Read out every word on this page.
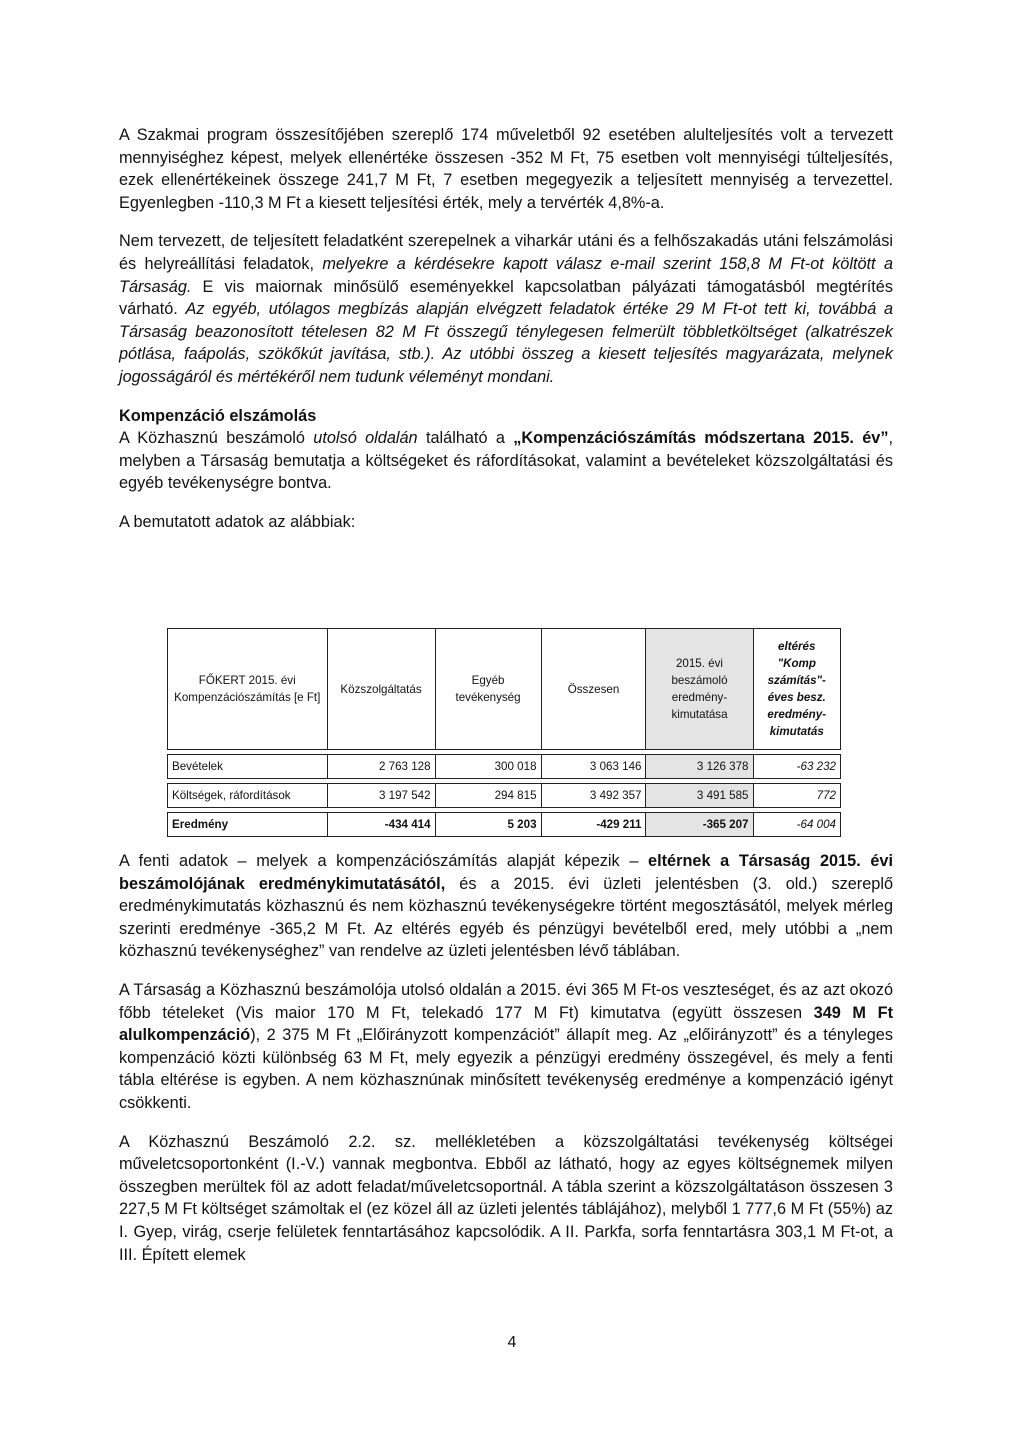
A Szakmai program összesítőjében szereplő 174 műveletből 92 esetében alulteljesítés volt a tervezett mennyiséghez képest, melyek ellenértéke összesen -352 M Ft, 75 esetben volt mennyiségi túlteljesítés, ezek ellenértékeinek összege 241,7 M Ft, 7 esetben megegyezik a teljesített mennyiség a tervezettel. Egyenlegben -110,3 M Ft a kiesett teljesítési érték, mely a tervérték 4,8%-a.

Nem tervezett, de teljesített feladatként szerepelnek a viharkár utáni és a felhőszakadás utáni felszámolási és helyreállítási feladatok, melyekre a kérdésekre kapott válasz e-mail szerint 158,8 M Ft-ot költött a Társaság. E vis maiornak minősülő eseményekkel kapcsolatban pályázati támogatásból megtérítés várható. Az egyéb, utólagos megbízás alapján elvégzett feladatok értéke 29 M Ft-ot tett ki, továbbá a Társaság beazonosított tételesen 82 M Ft összegű ténylegesen felmerült többletköltséget (alkatrészek pótlása, faápolás, szökőkút javítása, stb.). Az utóbbi összeg a kiesett teljesítés magyarázata, melynek jogosságáról és mértékéről nem tudunk véleményt mondani.

Kompenzáció elszámolás

A Közhasznú beszámoló utolsó oldalán található a „Kompenzációszámítás módszertana 2015. év”, melyben a Társaság bemutatja a költségeket és ráfordításokat, valamint a bevételeket közszolgáltatási és egyéb tevékenységre bontva.

A bemutatott adatok az alábbiak:

FŐKERT 2015. évi Kompenzációszámítás [e Ft]	Közszolgáltatás	Egyéb tevékenység	Összesen	2015. évi beszámoló eredmény-kimutatása	eltérés "Komp számítás"-éves besz. eredmény-kimutatás

Bevételek	2 763 128	300 018	3 063 146	3 126 378	-63 232

Költségek, ráfordítások	3 197 542	294 815	3 492 357	3 491 585	772

Eredmény	-434 414	5 203	-429 211	-365 207	-64 004

A fenti adatok – melyek a kompenzációszámítás alapját képezik – eltérnek a Társaság 2015. évi beszámolójának eredménykimutatásától, és a 2015. évi üzleti jelentésben (3. old.) szereplő eredménykimutatás közhasznú és nem közhasznú tevékenységekre történt megosztásától, melyek mérleg szerinti eredménye -365,2 M Ft. Az eltérés egyéb és pénzügyi bevételből ered, mely utóbbi a „nem közhasznú tevékenységhez” van rendelve az üzleti jelentésben lévő táblában.

A Társaság a Közhasznú beszámolója utolsó oldalán a 2015. évi 365 M Ft-os veszteséget, és az azt okozó főbb tételeket (Vis maior 170 M Ft, telekadó 177 M Ft) kimutatva (együtt összesen 349 M Ft alulkompenzáció), 2 375 M Ft „Előirányzott kompenzációt” állapít meg. Az „előirányzott” és a tényleges kompenzáció közti különbség 63 M Ft, mely egyezik a pénzügyi eredmény összegével, és mely a fenti tábla eltérése is egyben. A nem közhasznúnak minősített tevékenység eredménye a kompenzáció igényt csökkenti.

A Közhasznú Beszámoló 2.2. sz. mellékletében a közszolgáltatási tevékenység költségei műveletcsoportonként (I.-V.) vannak megbontva. Ebből az látható, hogy az egyes költségnemek milyen összegben merültek föl az adott feladat/műveletcsoportnál. A tábla szerint a közszolgáltatáson összesen 3 227,5 M Ft költséget számoltak el (ez közel áll az üzleti jelentés táblájához), melyből 1 777,6 M Ft (55%) az I. Gyep, virág, cserje felületek fenntartásához kapcsolódik. A II. Parkfa, sorfa fenntartásra 303,1 M Ft-ot, a III. Épített elemek

4
